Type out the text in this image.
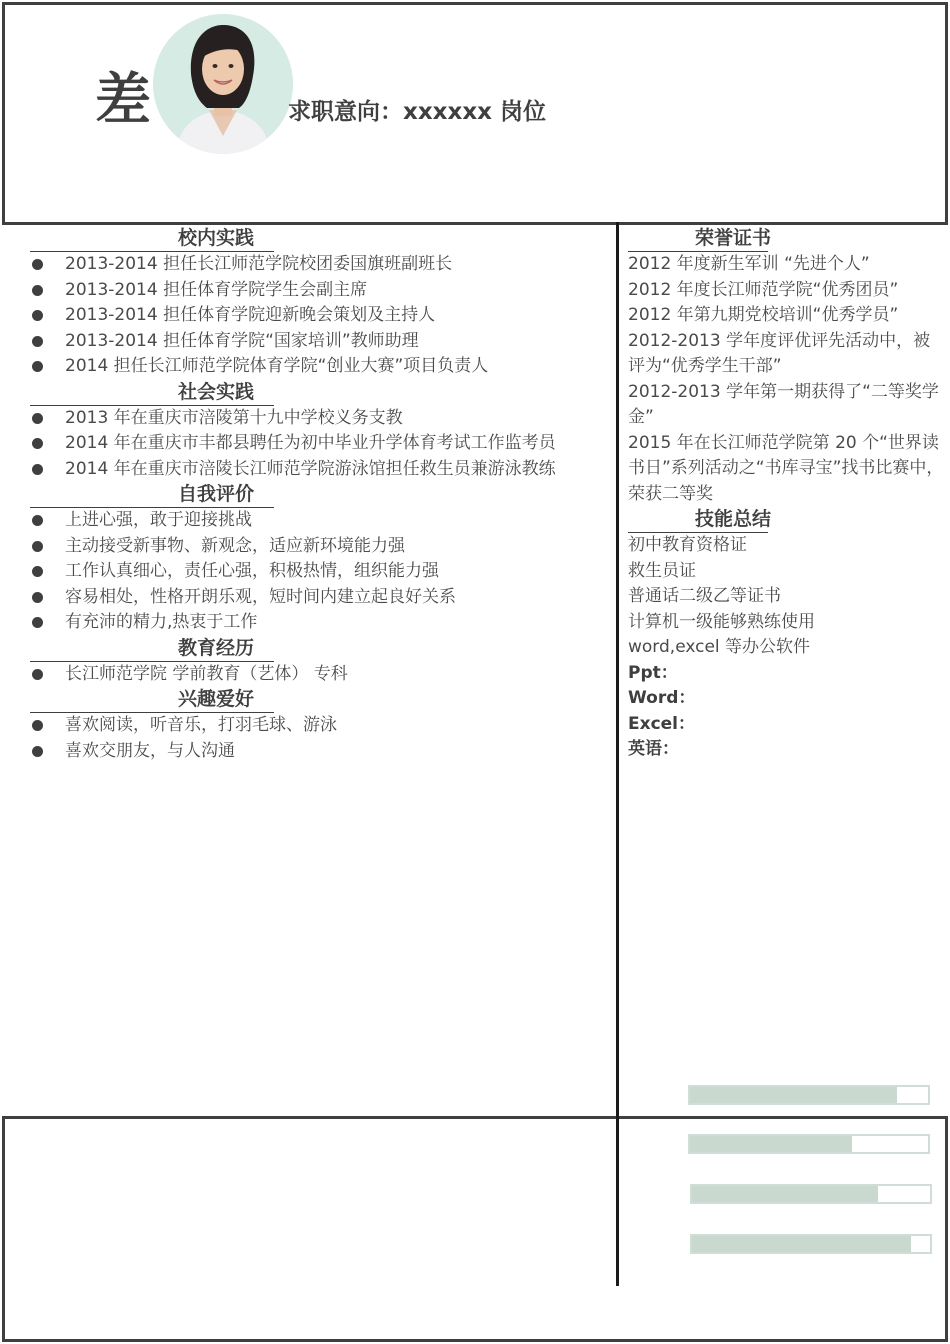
差	求职意向：xxxxxx 岗位
校内实践
2013-2014 担任长江师范学院校团委国旗班副班长
2013-2014 担任体育学院学生会副主席
2013-2014 担任体育学院迎新晚会策划及主持人
2013-2014 担任体育学院“国家培训”教师助理
2014 担任长江师范学院体育学院“创业大赛”项目负责人
社会实践
2013 年在重庆市涪陵第十九中学校义务支教
2014 年在重庆市丰都县聘任为初中毕业升学体育考试工作监考员
2014 年在重庆市涪陵长江师范学院游泳馆担任救生员兼游泳教练
自我评价
上进心强，敢于迎接挑战
主动接受新事物、新观念，适应新环境能力强
工作认真细心，责任心强，积极热情，组织能力强
容易相处，性格开朗乐观，短时间内建立起良好关系
有充沛的精力,热衷于工作
教育经历
长江师范学院 学前教育（艺体） 专科
兴趣爱好
喜欢阅读，听音乐，打羽毛球、游泳
喜欢交朋友，与人沟通
荣誉证书

2012 年度新生军训 “先进个人”

2012 年度长江师范学院“优秀团员”

2012 年第九期党校培训“优秀学员”

2012-2013 学年度评优评先活动中，被评为“优秀学生干部”

2012-2013 学年第一期获得了“二等奖学金”

2015 年在长江师范学院第 20 个“世界读书日”系列活动之“书库寻宝”找书比赛中，荣获二等奖

技能总结

初中教育资格证

救生员证

普通话二级乙等证书

计算机一级能够熟练使用

word,excel 等办公软件

Ppt：

Word：

Excel：

英语：
